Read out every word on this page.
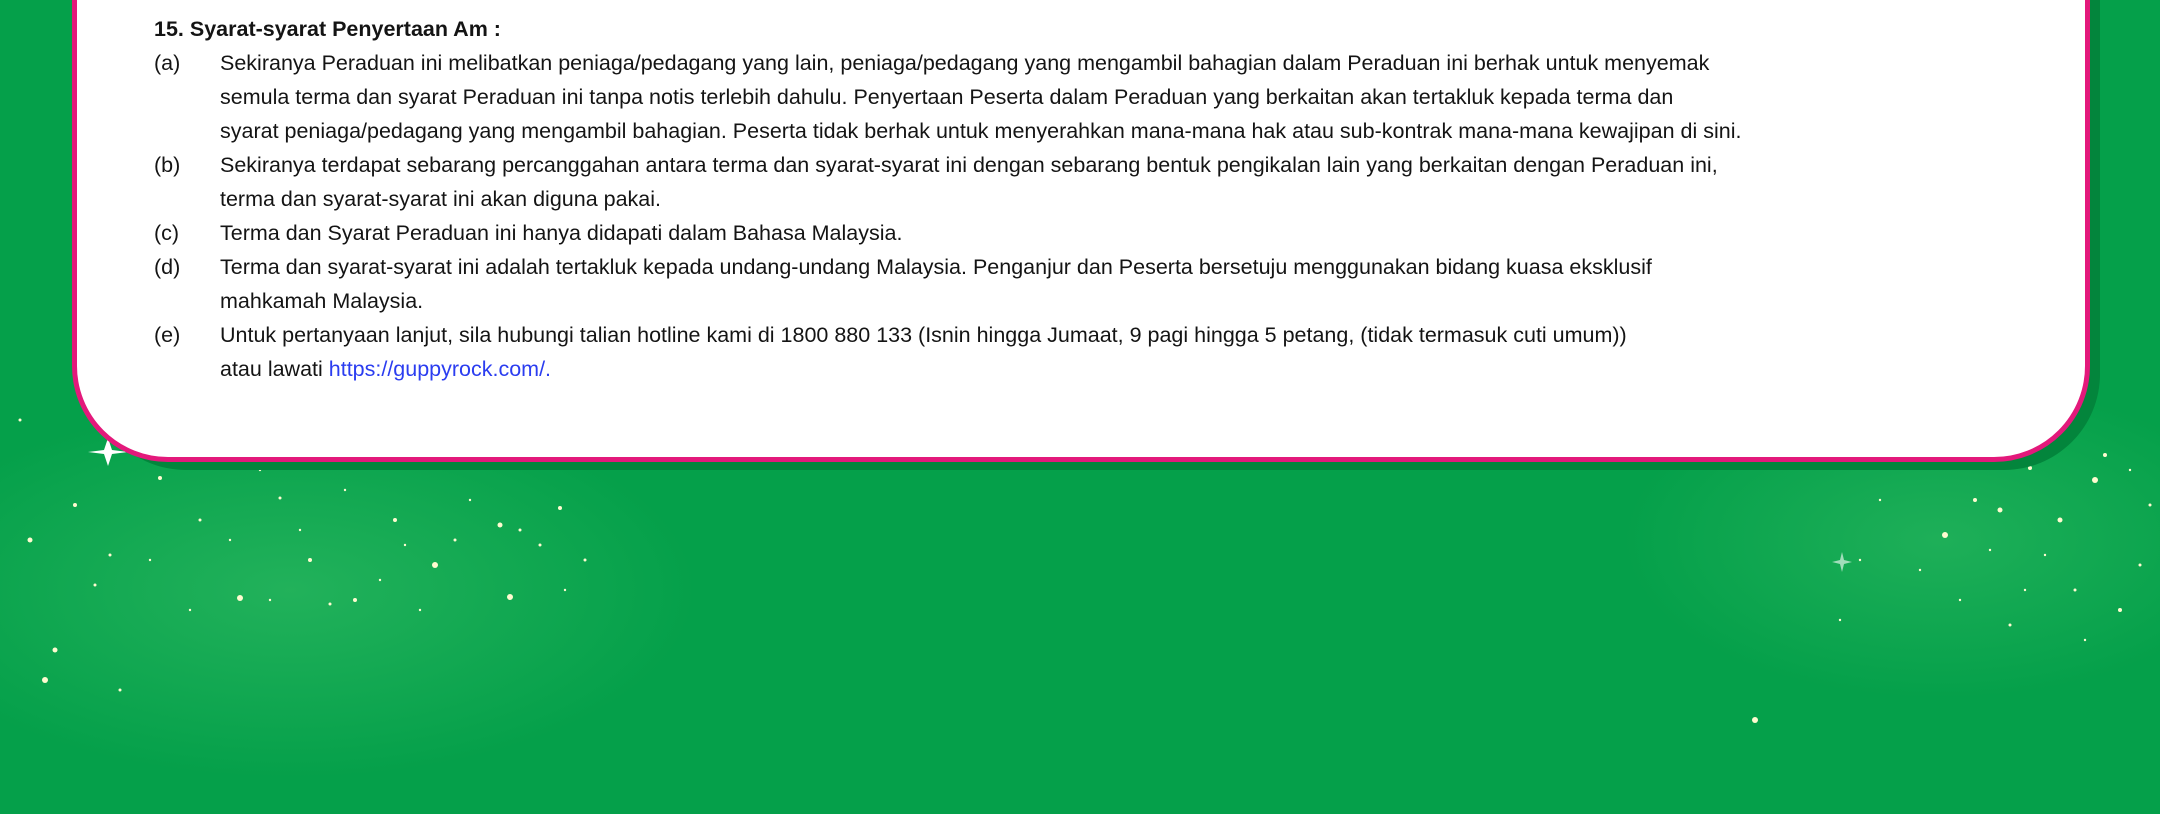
15. Syarat-syarat Penyertaan Am :
(a)	Sekiranya Peraduan ini melibatkan peniaga/pedagang yang lain, peniaga/pedagang yang mengambil bahagian dalam Peraduan ini berhak untuk menyemak
semula terma dan syarat Peraduan ini tanpa notis terlebih dahulu. Penyertaan Peserta dalam Peraduan yang berkaitan akan tertakluk kepada terma dan
syarat peniaga/pedagang yang mengambil bahagian. Peserta tidak berhak untuk menyerahkan mana-mana hak atau sub-kontrak mana-mana kewajipan di sini.
(b)	Sekiranya terdapat sebarang percanggahan antara terma dan syarat-syarat ini dengan sebarang bentuk pengikalan lain yang berkaitan dengan Peraduan ini,
terma dan syarat-syarat ini akan diguna pakai.
(c)	Terma dan Syarat Peraduan ini hanya didapati dalam Bahasa Malaysia.
(d)	Terma dan syarat-syarat ini adalah tertakluk kepada undang-undang Malaysia. Penganjur dan Peserta bersetuju menggunakan bidang kuasa eksklusif
mahkamah Malaysia.
(e)	Untuk pertanyaan lanjut, sila hubungi talian hotline kami di 1800 880 133 (Isnin hingga Jumaat, 9 pagi hingga 5 petang, (tidak termasuk cuti umum))
atau lawati https://guppyrock.com/.
